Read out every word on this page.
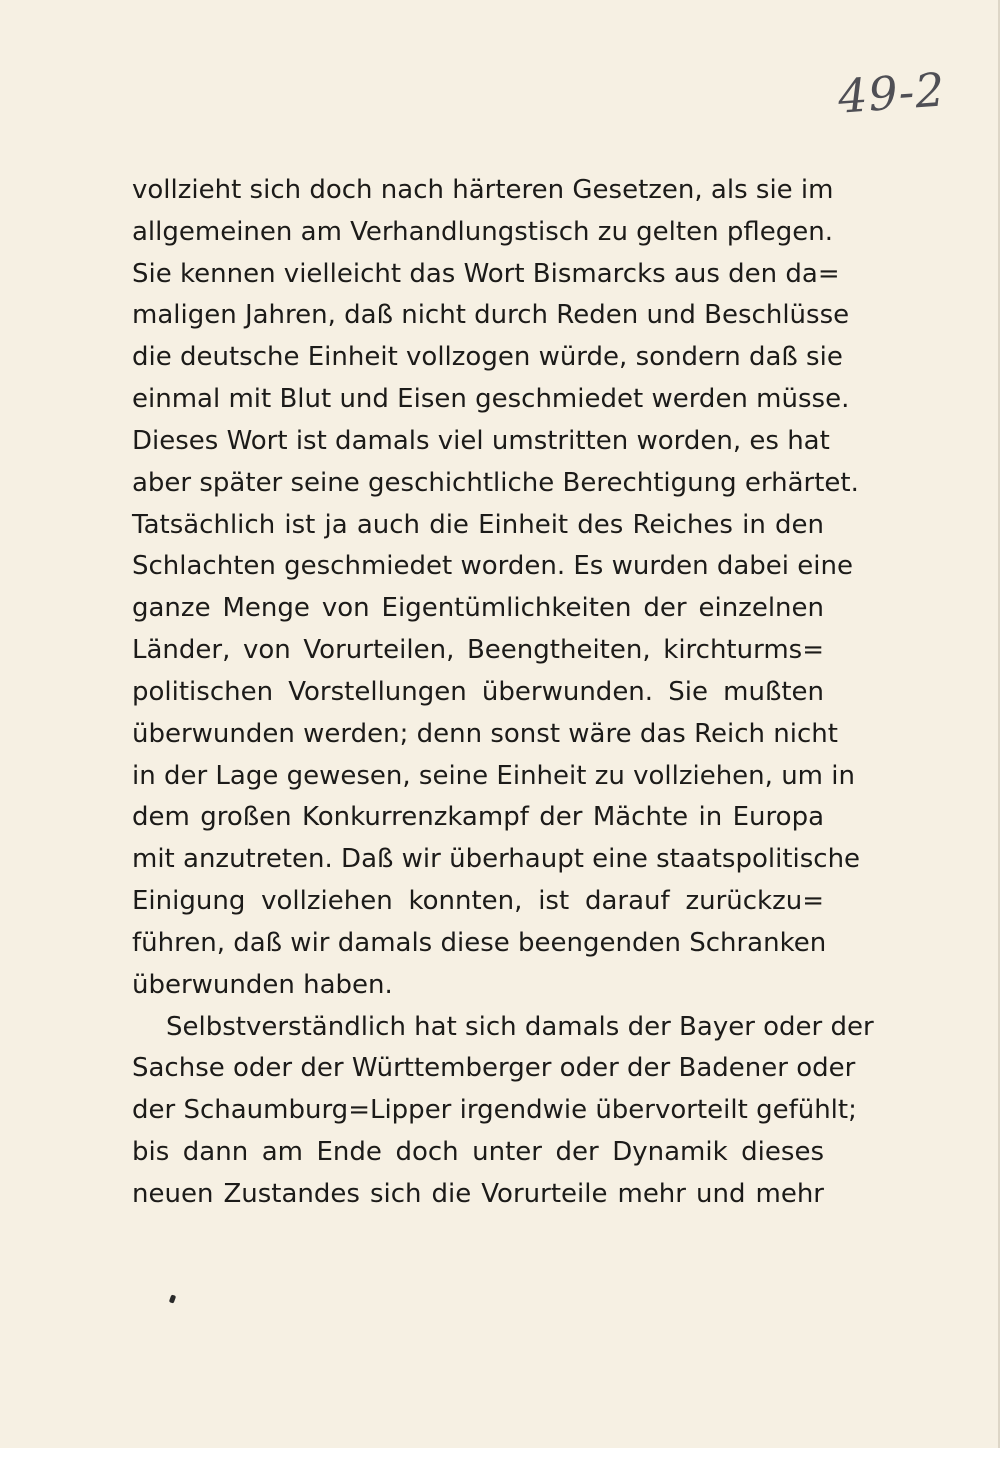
49-2
vollzieht sich doch nach härteren Gesetzen, als sie im
allgemeinen am Verhandlungstisch zu gelten pflegen.
Sie kennen vielleicht das Wort Bismarcks aus den da=
maligen Jahren, daß nicht durch Reden und Beschlüsse
die deutsche Einheit vollzogen würde, sondern daß sie
einmal mit Blut und Eisen geschmiedet werden müsse.
Dieses Wort ist damals viel umstritten worden, es hat
aber später seine geschichtliche Berechtigung erhärtet.
Tatsächlich ist ja auch die Einheit des Reiches in den
Schlachten geschmiedet worden. Es wurden dabei eine
ganze Menge von Eigentümlichkeiten der einzelnen
Länder, von Vorurteilen, Beengtheiten, kirchturms=
politischen Vorstellungen überwunden. Sie mußten
überwunden werden; denn sonst wäre das Reich nicht
in der Lage gewesen, seine Einheit zu vollziehen, um in
dem großen Konkurrenzkampf der Mächte in Europa
mit anzutreten. Daß wir überhaupt eine staatspolitische
Einigung vollziehen konnten, ist darauf zurückzu=
führen, daß wir damals diese beengenden Schranken
überwunden haben.
Selbstverständlich hat sich damals der Bayer oder der
Sachse oder der Württemberger oder der Badener oder
der Schaumburg=Lipper irgendwie übervorteilt gefühlt;
bis dann am Ende doch unter der Dynamik dieses
neuen Zustandes sich die Vorurteile mehr und mehr
